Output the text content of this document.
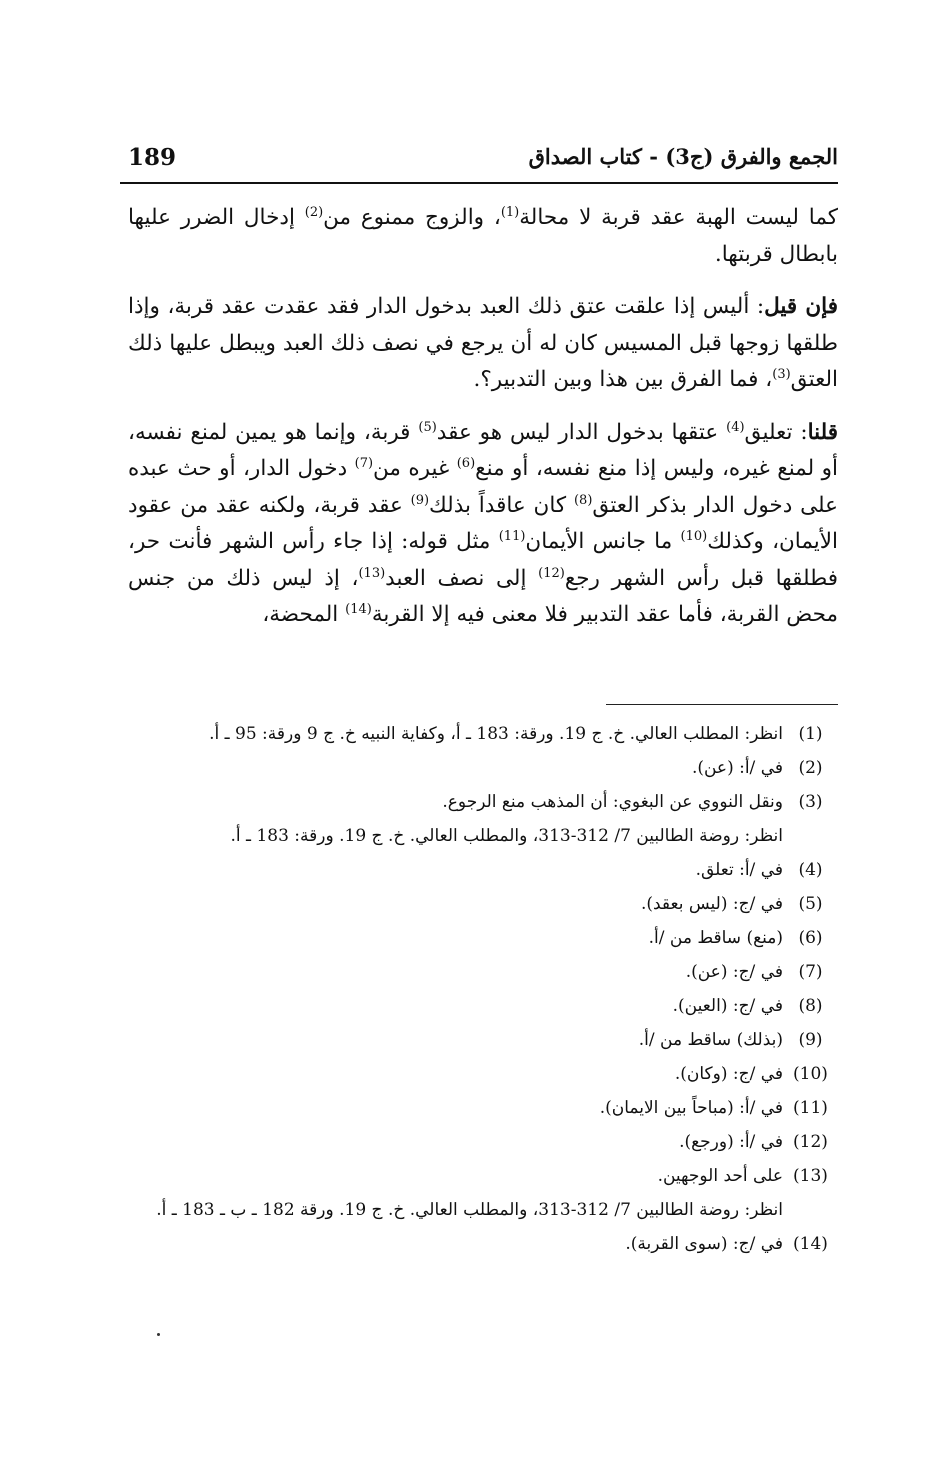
189	الجمع والفرق (ج3) - كتاب الصداق

كما ليست الهبة عقد قربة لا محالة$^{(1)}$، والزوج ممنوع من$^{(2)}$ إدخال الضرر عليها بابطال قربتها.

فإن قيل: أليس إذا علقت عتق ذلك العبد بدخول الدار فقد عقدت عقد قربة، وإذا طلقها زوجها قبل المسيس كان له أن يرجع في نصف ذلك العبد ويبطل عليها ذلك العتق$^{(3)}$، فما الفرق بين هذا وبين التدبير؟.

قلنا: تعليق$^{(4)}$ عتقها بدخول الدار ليس هو عقد$^{(5)}$ قربة، وإنما هو يمين لمنع نفسه، أو لمنع غيره، وليس إذا منع نفسه، أو منع$^{(6)}$ غيره من$^{(7)}$ دخول الدار، أو حث عبده على دخول الدار بذكر العتق$^{(8)}$ كان عاقداً بذلك$^{(9)}$ عقد قربة، ولكنه عقد من عقود الأيمان، وكذلك$^{(10)}$ ما جانس الأيمان$^{(11)}$ مثل قوله: إذا جاء رأس الشهر فأنت حر، فطلقها قبل رأس الشهر رجع$^{(12)}$ إلى نصف العبد$^{(13)}$، إذ ليس ذلك من جنس محض القربة، فأما عقد التدبير فلا معنى فيه إلا القربة$^{(14)}$ المحضة،

(1)
انظر: المطلب العالي. خ. ج 19. ورقة: 183 ـ أ، وكفاية النبيه خ. ج 9 ورقة: 95 ـ أ.
(2)
في /أ: (عن).
(3)
ونقل النووي عن البغوي: أن المذهب منع الرجوع.
انظر: روضة الطالبين 7/ 312-313، والمطلب العالي. خ. ج 19. ورقة: 183 ـ أ.
(4)
في /أ: تعلق.
(5)
في /ج: (ليس بعقد).
(6)
(منع) ساقط من /أ.
(7)
في /ج: (عن).
(8)
في /ج: (العين).
(9)
(بذلك) ساقط من /أ.
(10)
في /ج: (وكان).
(11)
في /أ: (مباحاً بين الايمان).
(12)
في /أ: (ورجع).
(13)
على أحد الوجهين.
انظر: روضة الطالبين 7/ 312-313، والمطلب العالي. خ. ج 19. ورقة 182 ـ ب ـ 183 ـ أ.
(14)
في /ج: (سوى القربة).
